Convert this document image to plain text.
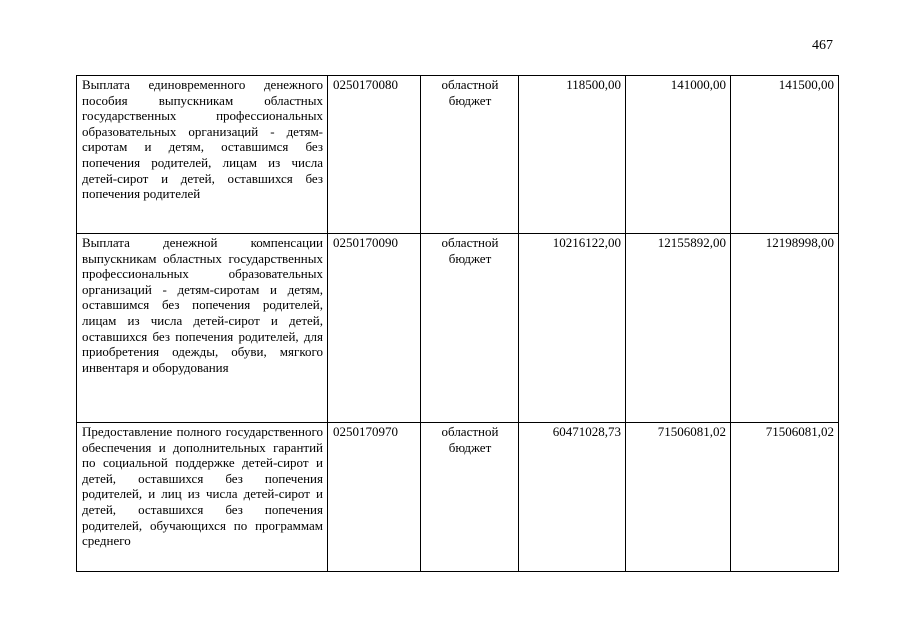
467
Выплата единовременного денежного пособия выпускникам областных государственных профессиональных образовательных организаций - детям-сиротам и детям, оставшимся без попечения родителей, лицам из числа детей-сирот и детей, оставшихся без попечения родителей	0250170080	областной бюджет	118500,00	141000,00	141500,00
Выплата денежной компенсации выпускникам областных государственных профессиональных образовательных организаций - детям-сиротам и детям, оставшимся без попечения родителей, лицам из числа детей-сирот и детей, оставшихся без попечения родителей, для приобретения одежды, обуви, мягкого инвентаря и оборудования	0250170090	областной бюджет	10216122,00	12155892,00	12198998,00
Предоставление полного государственного обеспечения и дополнительных гарантий по социальной поддержке детей-сирот и детей, оставшихся без попечения родителей, и лиц из числа детей-сирот и детей, оставшихся без попечения родителей, обучающихся по программам среднего	0250170970	областной бюджет	60471028,73	71506081,02	71506081,02
